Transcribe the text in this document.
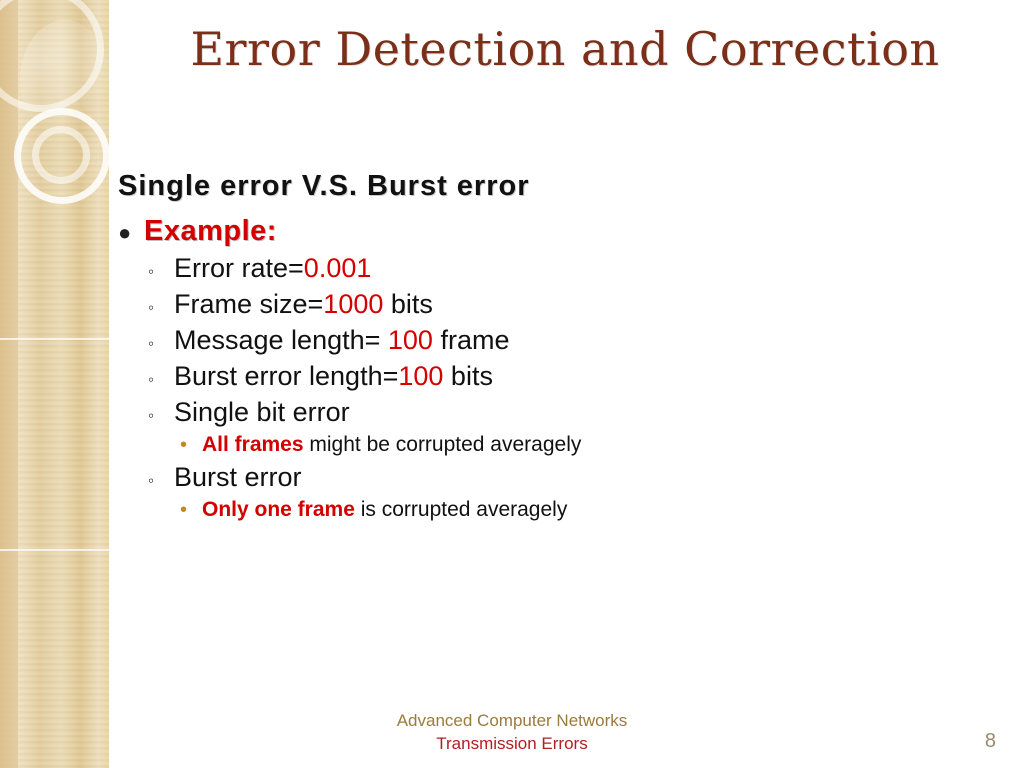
Error Detection and Correction
Single error V.S. Burst error
● Example:
◦ Error rate=0.001
◦ Frame size=1000 bits
◦ Message length= 100 frame
◦ Burst error length=100 bits
◦ Single bit error
• All frames might be corrupted averagely
◦ Burst error
• Only one frame is corrupted averagely
Advanced Computer Networks
Transmission Errors	8
